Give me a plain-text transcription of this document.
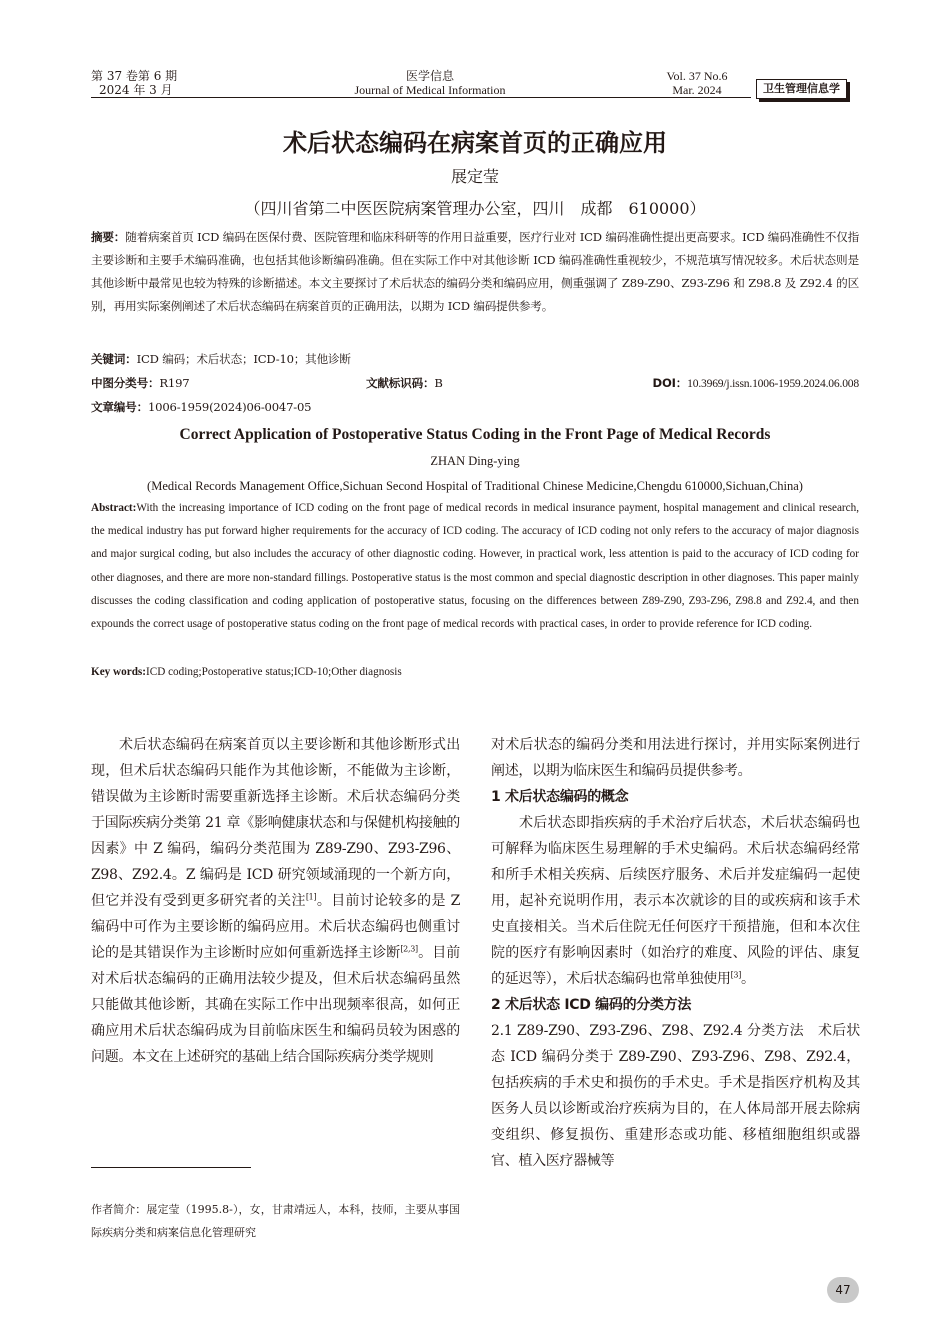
第 37 卷第 6 期
2024 年 3 月
医学信息
Journal of Medical Information
Vol. 37 No.6
Mar. 2024	卫生管理信息学
术后状态编码在病案首页的正确应用
展定莹
（四川省第二中医医院病案管理办公室，四川　成都　610000）
摘要：随着病案首页 ICD 编码在医保付费、医院管理和临床科研等的作用日益重要，医疗行业对 ICD 编码准确性提出更高要求。ICD 编码准确性不仅指主要诊断和主要手术编码准确，也包括其他诊断编码准确。但在实际工作中对其他诊断 ICD 编码准确性重视较少，不规范填写情况较多。术后状态则是其他诊断中最常见也较为特殊的诊断描述。本文主要探讨了术后状态的编码分类和编码应用，侧重强调了 Z89-Z90、Z93-Z96 和 Z98.8 及 Z92.4 的区别，再用实际案例阐述了术后状态编码在病案首页的正确用法，以期为 ICD 编码提供参考。
关键词：ICD 编码；术后状态；ICD-10；其他诊断
中图分类号：R197	文献标识码：B	DOI：10.3969/j.issn.1006-1959.2024.06.008
文章编号：1006-1959(2024)06-0047-05
Correct Application of Postoperative Status Coding in the Front Page of Medical Records
ZHAN Ding-ying
(Medical Records Management Office,Sichuan Second Hospital of Traditional Chinese Medicine,Chengdu 610000,Sichuan,China)
Abstract:With the increasing importance of ICD coding on the front page of medical records in medical insurance payment, hospital management and clinical research, the medical industry has put forward higher requirements for the accuracy of ICD coding. The accuracy of ICD coding not only refers to the accuracy of major diagnosis and major surgical coding, but also includes the accuracy of other diagnostic coding. However, in practical work, less attention is paid to the accuracy of ICD coding for other diagnoses, and there are more non-standard fillings. Postoperative status is the most common and special diagnostic description in other diagnoses. This paper mainly discusses the coding classification and coding application of postoperative status, focusing on the differences between Z89-Z90, Z93-Z96, Z98.8 and Z92.4, and then expounds the correct usage of postoperative status coding on the front page of medical records with practical cases, in order to provide reference for ICD coding.
Key words:ICD coding;Postoperative status;ICD-10;Other diagnosis

术后状态编码在病案首页以主要诊断和其他诊断形式出现，但术后状态编码只能作为其他诊断，不能做为主诊断，错误做为主诊断时需要重新选择主诊断。术后状态编码分类于国际疾病分类第 21 章《影响健康状态和与保健机构接触的因素》中 Z 编码，编码分类范围为 Z89-Z90、Z93-Z96、Z98、Z92.4。Z 编码是 ICD 研究领域涌现的一个新方向，但它并没有受到更多研究者的关注[1]。目前讨论较多的是 Z 编码中可作为主要诊断的编码应用。术后状态编码也侧重讨论的是其错误作为主诊断时应如何重新选择主诊断[2,3]。目前对术后状态编码的正确用法较少提及，但术后状态编码虽然只能做其他诊断，其确在实际工作中出现频率很高，如何正确应用术后状态编码成为目前临床医生和编码员较为困惑的问题。本文在上述研究的基础上结合国际疾病分类学规则

作者简介：展定莹（1995.8-），女，甘肃靖远人，本科，技师，主要从事国际疾病分类和病案信息化管理研究

对术后状态的编码分类和用法进行探讨，并用实际案例进行阐述，以期为临床医生和编码员提供参考。

1 术后状态编码的概念

术后状态即指疾病的手术治疗后状态，术后状态编码也可解释为临床医生易理解的手术史编码。术后状态编码经常和所手术相关疾病、后续医疗服务、术后并发症编码一起使用，起补充说明作用，表示本次就诊的目的或疾病和该手术史直接相关。当术后住院无任何医疗干预措施，但和本次住院的医疗有影响因素时（如治疗的难度、风险的评估、康复的延迟等），术后状态编码也常单独使用[3]。

2 术后状态 ICD 编码的分类方法

2.1 Z89-Z90、Z93-Z96、Z98、Z92.4 分类方法　 术后状态 ICD 编码分类于 Z89-Z90、Z93-Z96、Z98、Z92.4，包括疾病的手术史和损伤的手术史。手术是指医疗机构及其医务人员以诊断或治疗疾病为目的，在人体局部开展去除病变组织、修复损伤、重建形态或功能、移植细胞组织或器官、植入医疗器械等

47
